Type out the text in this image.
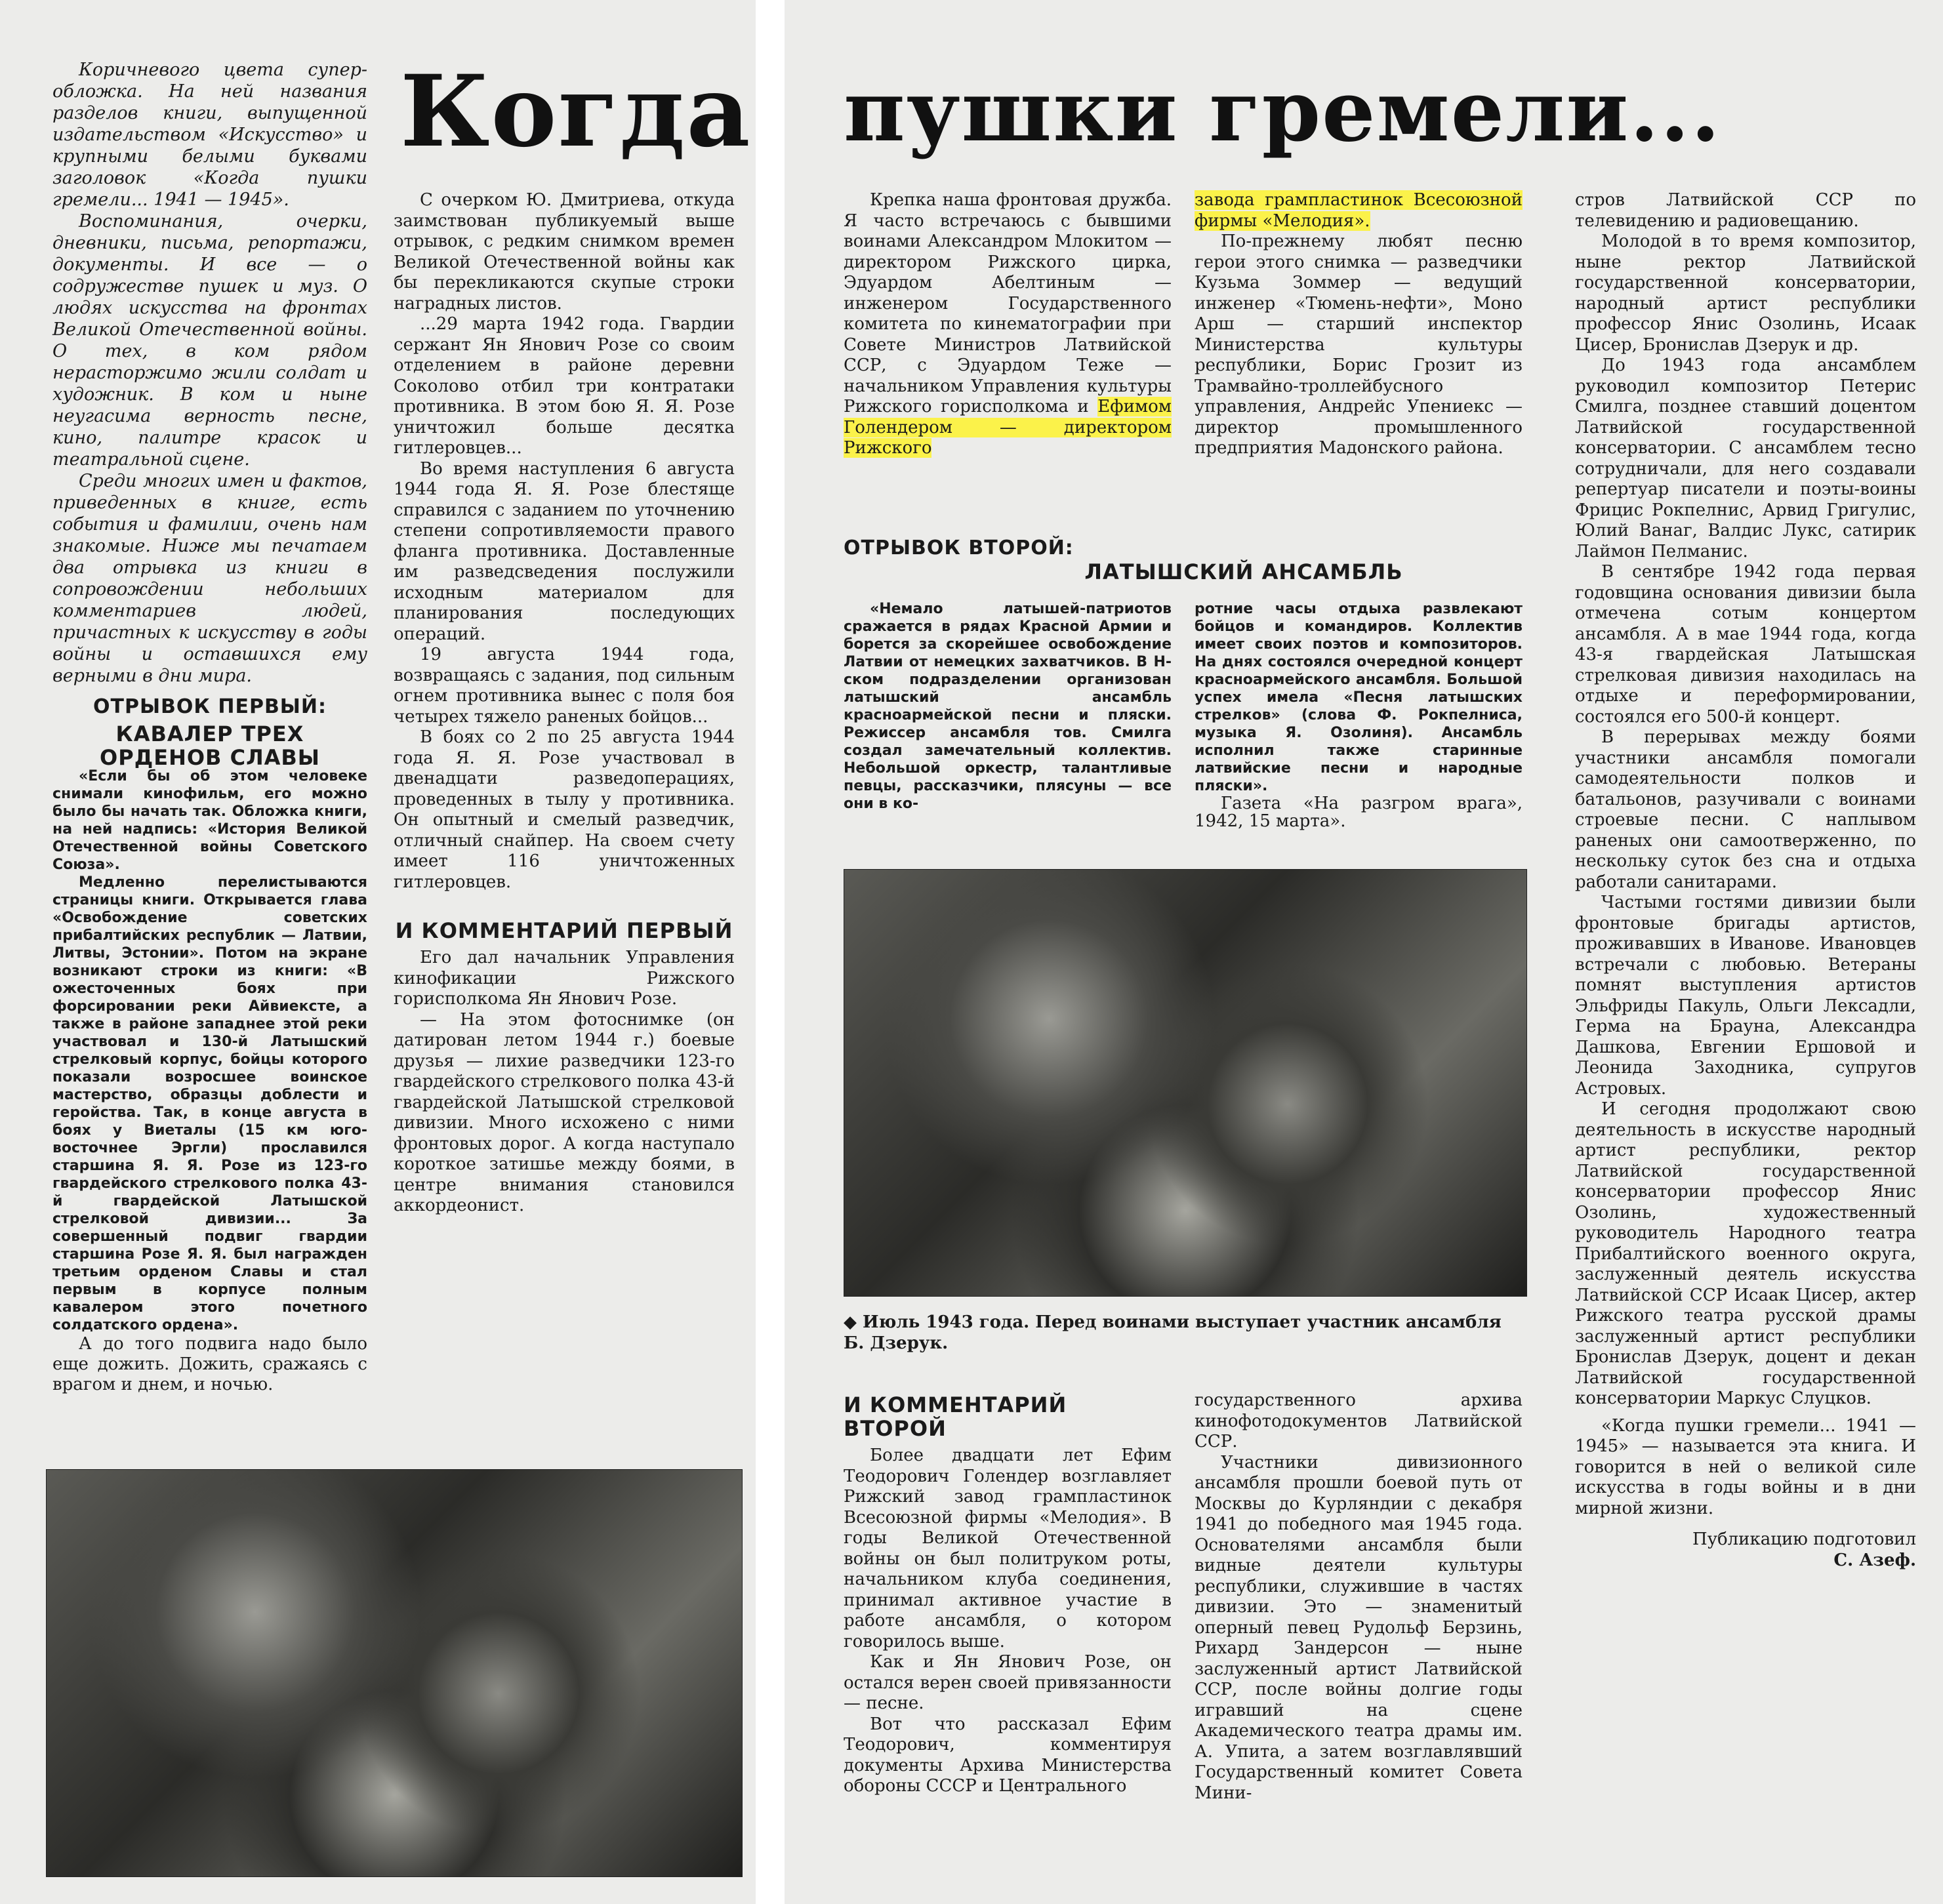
Когда

Коричневого цвета супер-обложка. На ней названия разделов книги, выпущенной издательством «Искусство» и крупными белыми буквами заголовок «Когда пушки гремели... 1941 — 1945».

Воспоминания, очерки, дневники, письма, репортажи, документы. И все — о содружестве пушек и муз. О людях искусства на фронтах Великой Отечественной войны. О тех, в ком рядом нерасторжимо жили солдат и художник. В ком и ныне неугасима верность песне, кино, палитре красок и театральной сцене.

Среди многих имен и фактов, приведенных в книге, есть события и фамилии, очень нам знакомые. Ниже мы печатаем два отрывка из книги в сопровождении небольших комментариев людей, причастных к искусству в годы войны и оставшихся ему верными в дни мира.

ОТРЫВОК ПЕРВЫЙ:
КАВАЛЕР ТРЕХ ОРДЕНОВ СЛАВЫ

«Если бы об этом человеке снимали кинофильм, его можно было бы начать так. Обложка книги, на ней надпись: «История Великой Отечественной войны Советского Союза».

Медленно перелистываются страницы книги. Открывается глава «Освобождение советских прибалтийских республик — Латвии, Литвы, Эстонии». Потом на экране возникают строки из книги: «В ожесточенных боях при форсировании реки Айвиексте, а также в районе западнее этой реки участвовал и 130-й Латышский стрелковый корпус, бойцы которого показали возросшее воинское мастерство, образцы доблести и геройства. Так, в конце августа в боях у Виеталы (15 км юго-восточнее Эргли) прославился старшина Я. Я. Розе из 123-го гвардейского стрелкового полка 43-й гвардейской Латышской стрелковой дивизии... За совершенный подвиг гвардии старшина Розе Я. Я. был награжден третьим орденом Славы и стал первым в корпусе полным кавалером этого почетного солдатского ордена».

А до того подвига надо было еще дожить. Дожить, сражаясь с врагом и днем, и ночью.

С очерком Ю. Дмитриева, откуда заимствован публикуемый выше отрывок, с редким снимком времен Великой Отечественной войны как бы перекликаются скупые строки наградных листов.

...29 марта 1942 года. Гвардии сержант Ян Янович Розе со своим отделением в районе деревни Соколово отбил три контратаки противника. В этом бою Я. Я. Розе уничтожил больше десятка гитлеровцев...

Во время наступления 6 августа 1944 года Я. Я. Розе блестяще справился с заданием по уточнению степени сопротивляемости правого фланга противника. Доставленные им разведсведения послужили исходным материалом для планирования последующих операций.

19 августа 1944 года, возвращаясь с задания, под сильным огнем противника вынес с поля боя четырех тяжело раненых бойцов...

В боях со 2 по 25 августа 1944 года Я. Я. Розе участвовал в двенадцати разведоперациях, проведенных в тылу у противника. Он опытный и смелый разведчик, отличный снайпер. На своем счету имеет 116 уничтоженных гитлеровцев.

И КОММЕНТАРИЙ ПЕРВЫЙ

Его дал начальник Управления кинофикации Рижского горисполкома Ян Янович Розе.

— На этом фотоснимке (он датирован летом 1944 г.) боевые друзья — лихие разведчики 123-го гвардейского стрелкового полка 43-й гвардейской Латышской стрелковой дивизии. Много исхожено с ними фронтовых дорог. А когда наступало короткое затишье между боями, в центре внимания становился аккордеонист.

пушки гремели...

Крепка наша фронтовая дружба. Я часто встречаюсь с бывшими воинами Александром Млокитом — директором Рижского цирка, Эдуардом Абелтиным — инженером Государственного комитета по кинематографии при Совете Министров Латвийской ССР, с Эдуардом Теже — начальником Управления культуры Рижского горисполкома и Ефимом Голендером — директором Рижского

завода грампластинок Всесоюзной фирмы «Мелодия».

По-прежнему любят песню герои этого снимка — разведчики Кузьма Зоммер — ведущий инженер «Тюмень-нефти», Моно Арш — старший инспектор Министерства культуры республики, Борис Грозит из Трамвайно-троллейбусного управления, Андрейс Упениекс — директор промышленного предприятия Мадонского района.

ОТРЫВОК ВТОРОЙ:
ЛАТЫШСКИЙ АНСАМБЛЬ

«Немало латышей-патриотов сражается в рядах Красной Армии и борется за скорейшее освобождение Латвии от немецких захватчиков. В Н-ском подразделении организован латышский ансамбль красноармейской песни и пляски. Режиссер ансамбля тов. Смилга создал замечательный коллектив. Небольшой оркестр, талантливые певцы, рассказчики, плясуны — все они в ко-

ротние часы отдыха развлекают бойцов и командиров. Коллектив имеет своих поэтов и композиторов. На днях состоялся очередной концерт красноармейского ансамбля. Большой успех имела «Песня латышских стрелков» (слова Ф. Рокпелниса, музыка Я. Озолиня). Ансамбль исполнил также старинные латвийские песни и народные пляски».

Газета «На разгром врага», 1942, 15 марта».

◆ Июль 1943 года. Перед воинами выступает участник ансамбля Б. Дзерук.
И КОММЕНТАРИЙ ВТОРОЙ

Более двадцати лет Ефим Теодорович Голендер возглавляет Рижский завод грампластинок Всесоюзной фирмы «Мелодия». В годы Великой Отечественной войны он был политруком роты, начальником клуба соединения, принимал активное участие в работе ансамбля, о котором говорилось выше.

Как и Ян Янович Розе, он остался верен своей привязанности — песне.

Вот что рассказал Ефим Теодорович, комментируя документы Архива Министерства обороны СССР и Центрального

государственного архива кинофотодокументов Латвийской ССР.

Участники дивизионного ансамбля прошли боевой путь от Москвы до Курляндии с декабря 1941 до победного мая 1945 года. Основателями ансамбля были видные деятели культуры республики, служившие в частях дивизии. Это — знаменитый оперный певец Рудольф Берзинь, Рихард Зандерсон — ныне заслуженный артист Латвийской ССР, после войны долгие годы игравший на сцене Академического театра драмы им. А. Упита, а затем возглавлявший Государственный комитет Совета Мини-

стров Латвийской ССР по телевидению и радиовещанию.

Молодой в то время композитор, ныне ректор Латвийской государственной консерватории, народный артист республики профессор Янис Озолинь, Исаак Цисер, Бронислав Дзерук и др.

До 1943 года ансамблем руководил композитор Петерис Смилга, позднее ставший доцентом Латвийской государственной консерватории. С ансамблем тесно сотрудничали, для него создавали репертуар писатели и поэты-воины Фрицис Рокпелнис, Арвид Григулис, Юлий Ванаг, Валдис Лукс, сатирик Лаймон Пелманис.

В сентябре 1942 года первая годовщина основания дивизии была отмечена сотым концертом ансамбля. А в мае 1944 года, когда 43-я гвардейская Латышская стрелковая дивизия находилась на отдыхе и переформировании, состоялся его 500-й концерт.

В перерывах между боями участники ансамбля помогали самодеятельности полков и батальонов, разучивали с воинами строевые песни. С наплывом раненых они самоотверженно, по нескольку суток без сна и отдыха работали санитарами.

Частыми гостями дивизии были фронтовые бригады артистов, проживавших в Иванове. Ивановцев встречали с любовью. Ветераны помнят выступления артистов Эльфриды Пакуль, Ольги Лексадли, Герма на Брауна, Александра Дашкова, Евгении Ершовой и Леонида Заходника, супругов Астровых.

И сегодня продолжают свою деятельность в искусстве народный артист республики, ректор Латвийской государственной консерватории профессор Янис Озолинь, художественный руководитель Народного театра Прибалтийского военного округа, заслуженный деятель искусства Латвийской ССР Исаак Цисер, актер Рижского театра русской драмы заслуженный артист республики Бронислав Дзерук, доцент и декан Латвийской государственной консерватории Маркус Слуцков.

«Когда пушки гремели... 1941 — 1945» — называется эта книга. И говорится в ней о великой силе искусства в годы войны и в дни мирной жизни.

Публикацию подготовил
С. Азеф.
